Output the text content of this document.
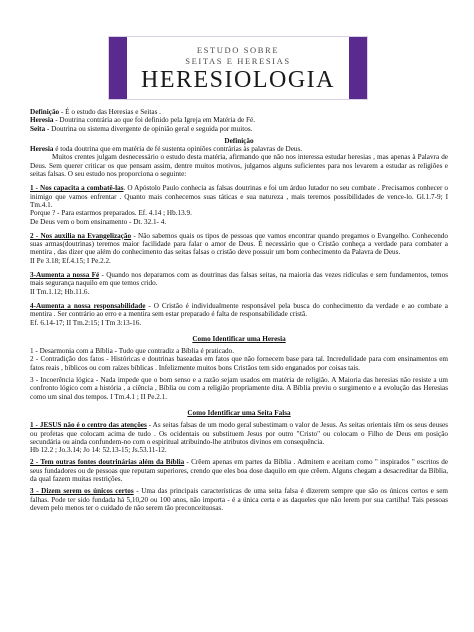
ESTUDO SOBRE
SEITAS E HERESIAS
HERESIOLOGIA

Definição - É o estudo das Heresias e Seitas .

Heresia - Doutrina contrária ao que foi definido pela Igreja em Matéria de Fé.

Seita - Doutrina ou sistema divergente de opinião geral e seguida por muitos.

Definição

Heresia é toda doutrina que em matéria de fé sustenta opiniões contrárias às palavras de Deus.

Muitos crentes julgam desnecessário o estudo desta matéria, afirmando que não nos interessa estudar heresias , mas apenas à Palavra de Deus. Sem querer criticar os que pensam assim, dentre muitos motivos, julgamos alguns suficientes para nos levarem a estudar as religiões e seitas falsas. O seu estudo nos proporciona o seguinte:

1 - Nos capacita a combatê-las. O Apóstolo Paulo conhecia as falsas doutrinas e foi um árduo lutador no seu combate . Precisamos conhecer o inimigo que vamos enfrentar . Quanto mais conhecemos suas táticas e sua natureza , mais teremos possibilidades de vence-lo. Gl.1.7-9; I Tm.4.1.

Porque ? - Para estarmos preparados. Ef. 4.14 ; Hb.13.9.

De Deus vem o bom ensinamento - Dt. 32.1- 4.

2 - Nos auxilia na Evangelização - Não sabemos quais os tipos de pessoas que vamos encontrar quando pregamos o Evangelho. Conhecendo suas armas(doutrinas) teremos maior facilidade para falar o amor de Deus. É necessário que o Cristão conheça a verdade para combater a mentira , das dizer que além do conhecimento das seitas falsas o cristão deve possuir um bom conhecimento da Palavra de Deus.

II Pe 3.18; Ef.4.15; I Pe.2.2.

3-Aumenta a nossa Fé - Quando nos deparamos com as doutrinas das falsas seitas, na maioria das vezes ridículas e sem fundamentos, temos mais segurança naquilo em que temos crido.

II Tm.1.12; Hb.11.6.

4-Aumenta a nossa responsabilidade - O Cristão é individualmente responsável pela busca do conhecimento da verdade e ao combate a mentira . Ser contrário ao erro e a mentira sem estar preparado é falta de responsabilidade cristã.

Ef. 6.14-17; II Tm.2:15; I Tm 3:13-16.

Como Identificar uma Heresia

1 - Desarmonia com a Bíblia - Tudo que contradiz a Bíblia é praticado.

2 - Contradição dos fatos - Históricas e doutrinas baseadas em fatos que não fornecem base para tal. Incredulidade para com ensinamentos em fatos reais , bíblicos ou com raízes bíblicas . Infelizmente muitos bons Cristãos tem sido enganados por coisas tais.

3 - Incoerência lógica - Nada impede que o bom senso e a razão sejam usados em matéria de religião. A Maioria das heresias não resiste a um confronto lógico com a história , a ciência , Bíblia ou com a religião propriamente dita. A Bíblia previu o surgimento e a evolução das Heresias como um sinal dos tempos. I Tm.4.1 ; II Pe.2.1.

Como Identificar uma Seita Falsa

1 - JESUS não é o centro das atenções - As seitas falsas de um modo geral subestimam o valor de Jesus. As seitas orientais têm os seus deuses ou profetas que colocam acima de tudo . Os ocidentais ou substituem Jesus por outro "Cristo" ou colocam o Filho de Deus em posição secundária ou ainda confundem-no com o espiritual atribuindo-lhe atributos divinos em consequência.

Hb 12.2 ; Jo.3.14; Jo 14: 52.13-15; Js.53.11-12.

2 - Tem outras fontes doutrinárias além da Bíblia - Crêem apenas em partes da Bíblia . Admitem e aceitam como " inspirados " escritos de seus fundadores ou de pessoas que reputam superiores, crendo que eles boa dose daquilo em que crêem. Alguns chegam a desacreditar da Bíblia, da qual fazem muitas restrições.

3 - Dizem serem os únicos certos - Uma das principais características de uma seita falsa é dizerem sempre que são os únicos certos e sem falhas. Pode ter sido fundada há 5,10,20 ou 100 anos, não importa - é a única certa e as daqueles que não lerem por sua cartilha! Tais pessoas devem pelo menos ter o cuidado de não serem tão preconceituosas.
